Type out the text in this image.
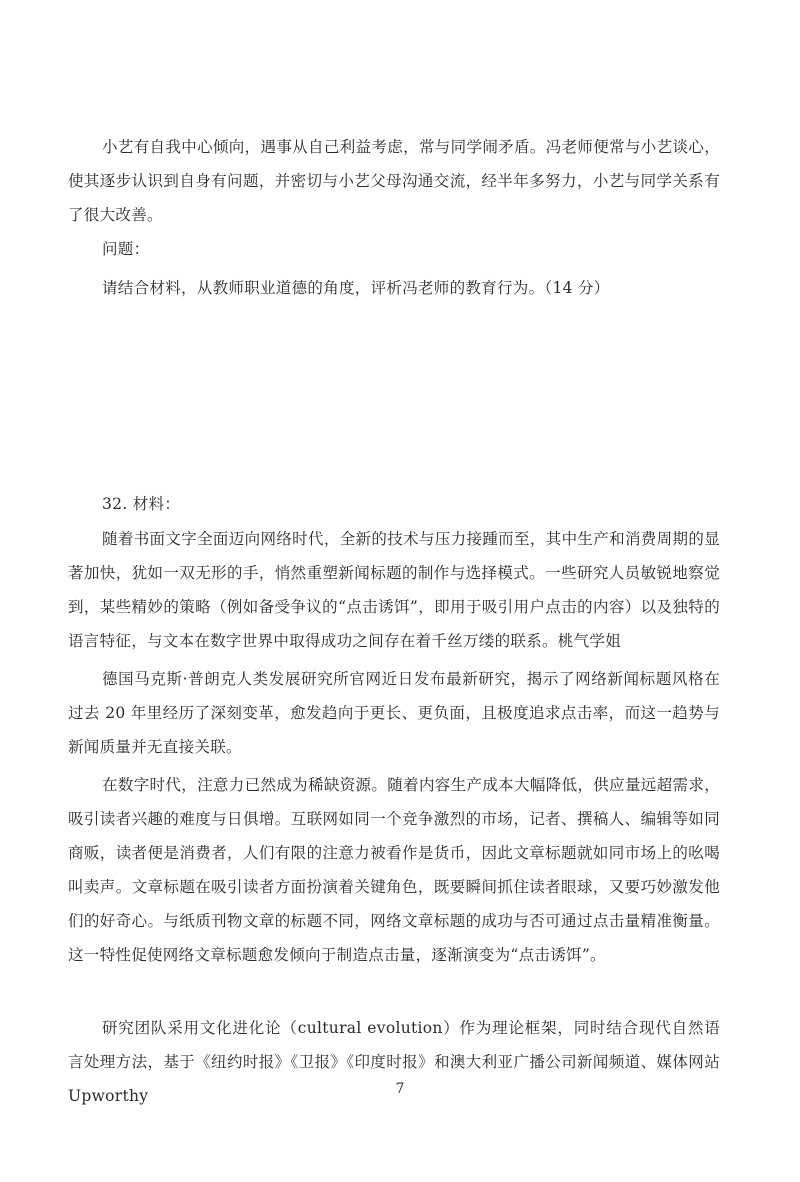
小艺有自我中心倾向，遇事从自己利益考虑，常与同学闹矛盾。冯老师便常与小艺谈心，使其逐步认识到自身有问题，并密切与小艺父母沟通交流，经半年多努力，小艺与同学关系有了很大改善。

问题：

请结合材料，从教师职业道德的角度，评析冯老师的教育行为。（14 分）

32. 材料：

随着书面文字全面迈向网络时代，全新的技术与压力接踵而至，其中生产和消费周期的显著加快，犹如一双无形的手，悄然重塑新闻标题的制作与选择模式。一些研究人员敏锐地察觉到，某些精妙的策略（例如备受争议的“点击诱饵”，即用于吸引用户点击的内容）以及独特的语言特征，与文本在数字世界中取得成功之间存在着千丝万缕的联系。桃气学姐

德国马克斯·普朗克人类发展研究所官网近日发布最新研究，揭示了网络新闻标题风格在过去 20 年里经历了深刻变革，愈发趋向于更长、更负面，且极度追求点击率，而这一趋势与新闻质量并无直接关联。

在数字时代，注意力已然成为稀缺资源。随着内容生产成本大幅降低，供应量远超需求，吸引读者兴趣的难度与日俱增。互联网如同一个竞争激烈的市场，记者、撰稿人、编辑等如同商贩，读者便是消费者，人们有限的注意力被看作是货币，因此文章标题就如同市场上的吆喝叫卖声。文章标题在吸引读者方面扮演着关键角色，既要瞬间抓住读者眼球，又要巧妙激发他们的好奇心。与纸质刊物文章的标题不同，网络文章标题的成功与否可通过点击量精准衡量。这一特性促使网络文章标题愈发倾向于制造点击量，逐渐演变为“点击诱饵”。

研究团队采用文化进化论（cultural evolution）作为理论框架，同时结合现代自然语言处理方法，基于《纽约时报》《卫报》《印度时报》和澳大利亚广播公司新闻频道、媒体网站 Upworthy	7
